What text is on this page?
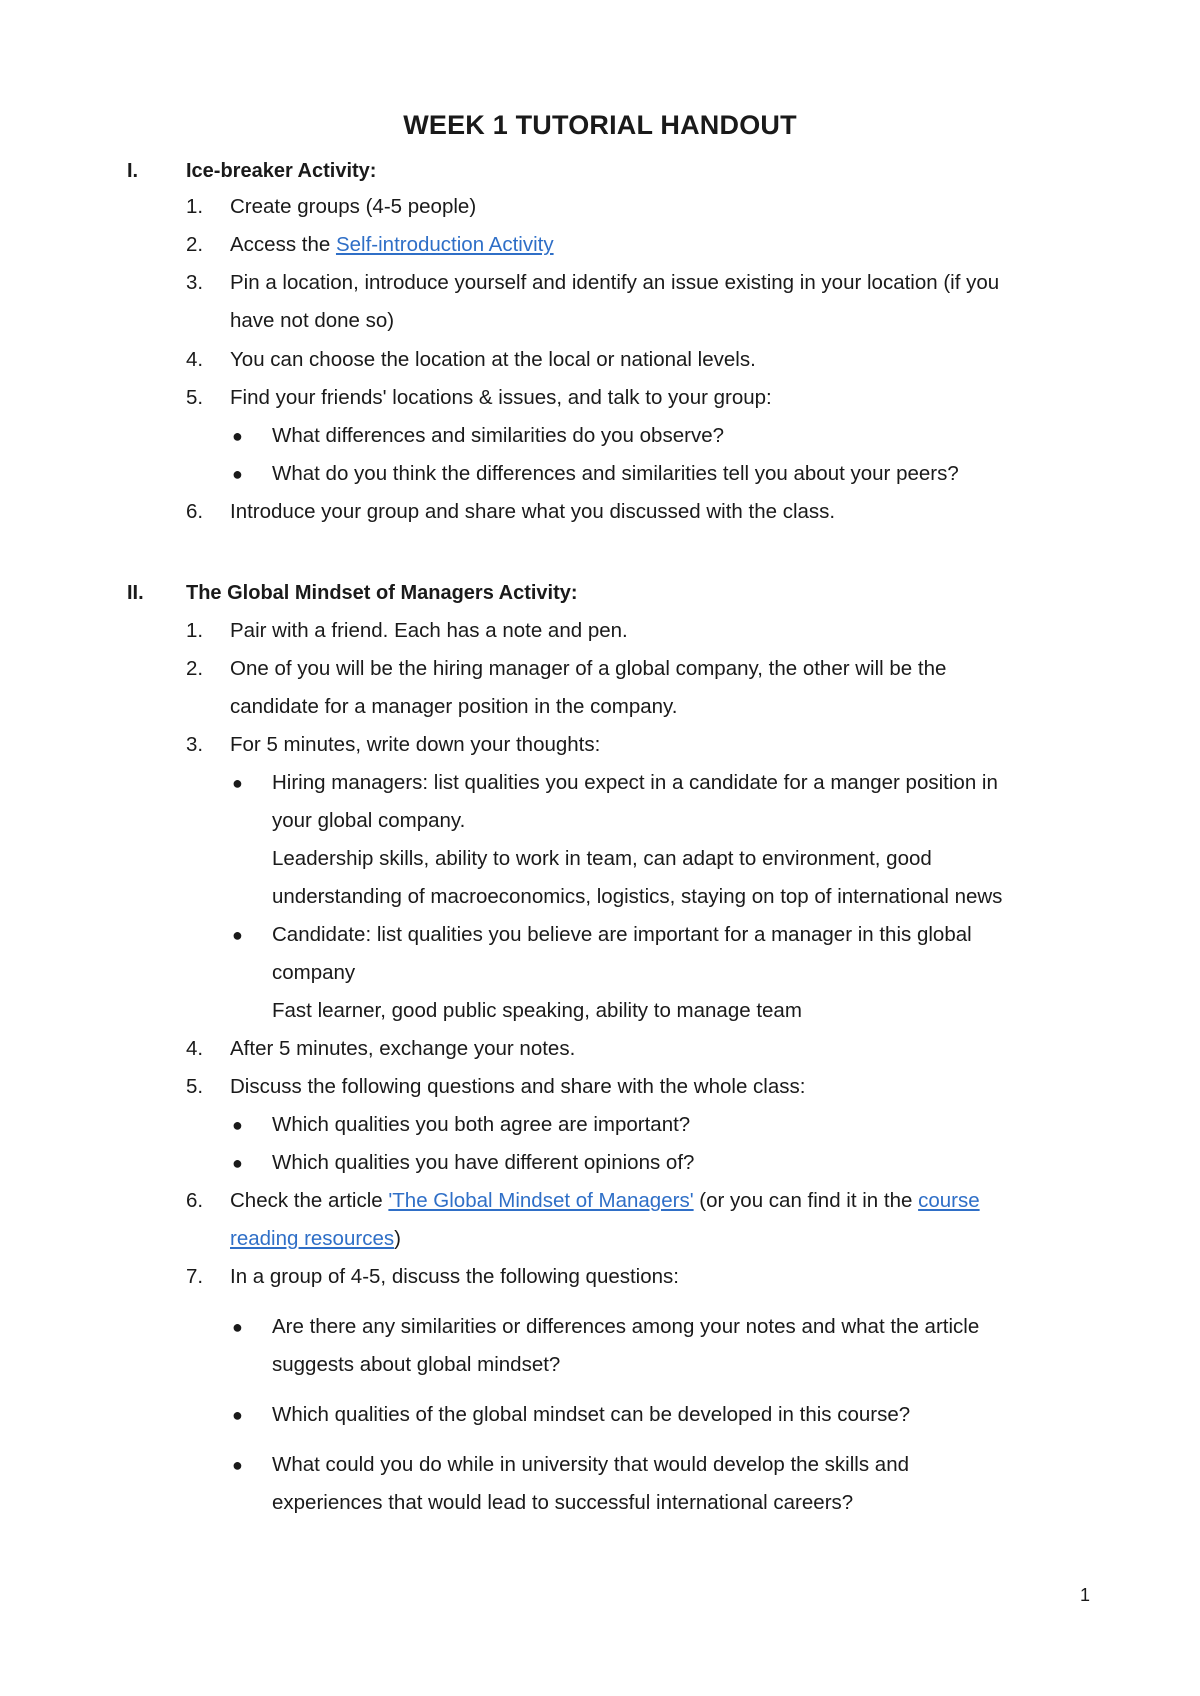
WEEK 1 TUTORIAL HANDOUT
I. Ice-breaker Activity:
1. Create groups (4-5 people)
2. Access the Self-introduction Activity
3. Pin a location, introduce yourself and identify an issue existing in your location (if you
have not done so)
4. You can choose the location at the local or national levels.
5. Find your friends' locations & issues, and talk to your group:
● What differences and similarities do you observe?
● What do you think the differences and similarities tell you about your peers?
6. Introduce your group and share what you discussed with the class.
II. The Global Mindset of Managers Activity:
1. Pair with a friend. Each has a note and pen.
2. One of you will be the hiring manager of a global company, the other will be the
candidate for a manager position in the company.
3. For 5 minutes, write down your thoughts:
● Hiring managers: list qualities you expect in a candidate for a manger position in
your global company.
Leadership skills, ability to work in team, can adapt to environment, good
understanding of macroeconomics, logistics, staying on top of international news
● Candidate: list qualities you believe are important for a manager in this global
company
Fast learner, good public speaking, ability to manage team
4. After 5 minutes, exchange your notes.
5. Discuss the following questions and share with the whole class:
● Which qualities you both agree are important?
● Which qualities you have different opinions of?
6. Check the article 'The Global Mindset of Managers' (or you can find it in the course
reading resources)
7. In a group of 4-5, discuss the following questions:
● Are there any similarities or differences among your notes and what the article
suggests about global mindset?
● Which qualities of the global mindset can be developed in this course?
● What could you do while in university that would develop the skills and
experiences that would lead to successful international careers?
1
